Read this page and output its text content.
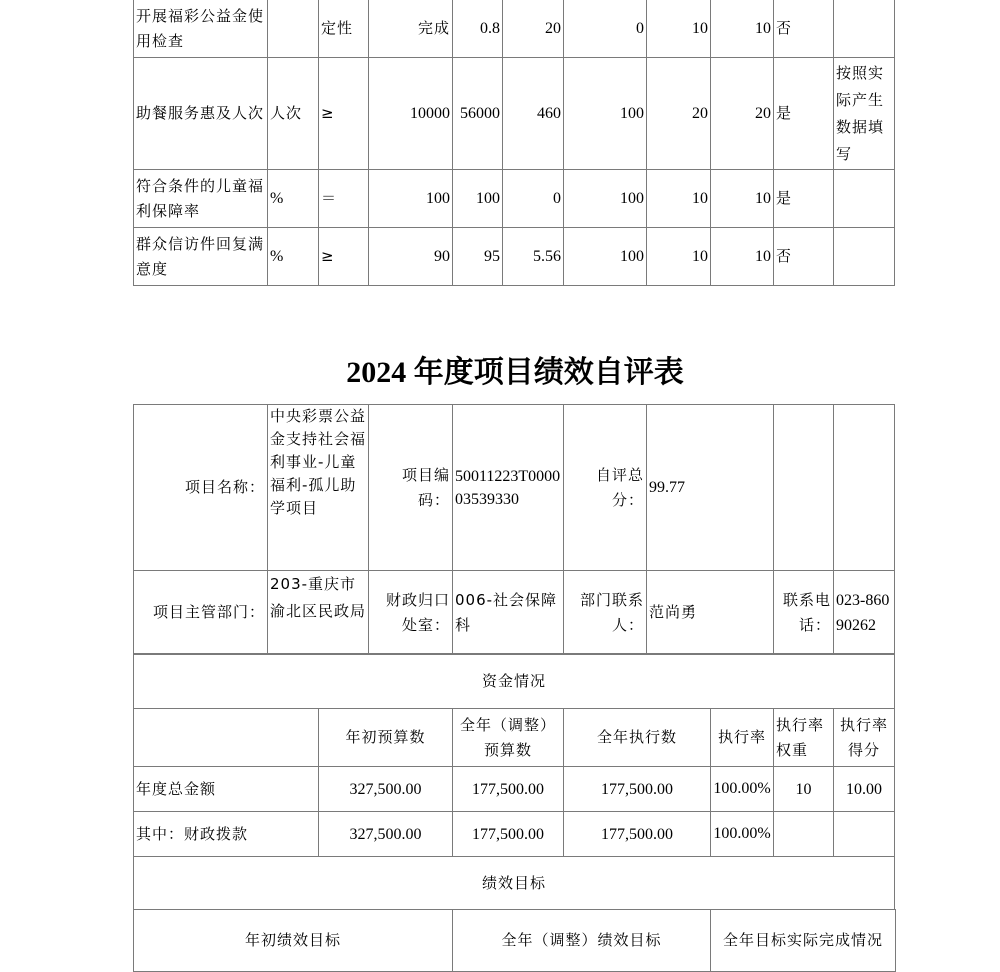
开展福彩公益金使用检查		定性	完成	0.8	20	0	10	10	否	
助餐服务惠及人次	人次	≥	10000	56000	460	100	20	20	是	按照实际产生数据填写
符合条件的儿童福利保障率	%	＝	100	100	0	100	10	10	是	
群众信访件回复满意度	%	≥	90	95	5.56	100	10	10	否	
2024 年度项目绩效自评表
项目名称：	中央彩票公益金支持社会福利事业-儿童福利-孤儿助学项目	项目编码：	50011223T000003539330	自评总分：	99.77		
项目主管部门：	203-重庆市渝北区民政局	财政归口处室：	006-社会保障科	部门联系人：	范尚勇	联系电话：	023-86090262
资金情况						
	年初预算数	全年（调整）预算数	全年执行数	执行率	执行率权重	执行率得分
年度总金额	327,500.00	177,500.00	177,500.00	100.00%	10	10.00
其中：财政拨款	327,500.00	177,500.00	177,500.00	100.00%		
绩效目标						
年初绩效目标	全年（调整）绩效目标	全年目标实际完成情况
